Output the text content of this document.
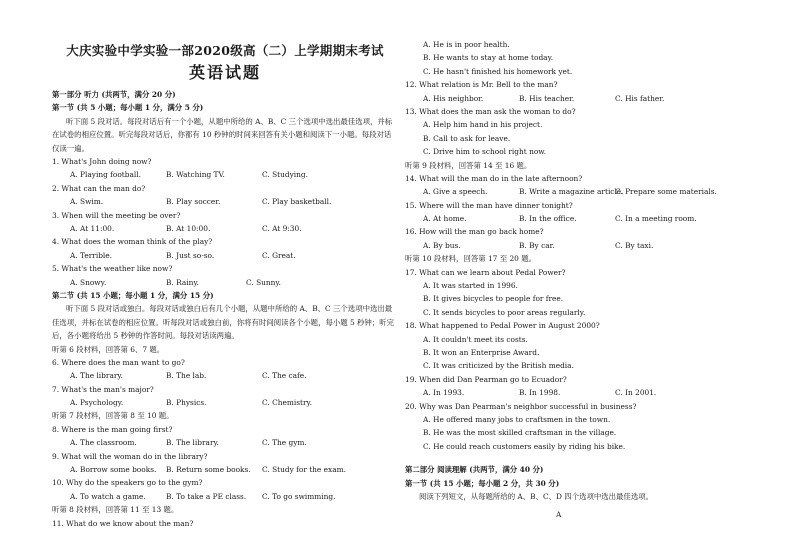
大庆实验中学实验一部2020级高（二）上学期期末考试
英语试题
第一部分 听力 (共两节，满分 20 分)
第一节 (共 5 小题；每小题 1 分，满分 5 分)
听下面 5 段对话。每段对话后有一个小题，从题中所给的 A、B、C 三个选项中选出最佳选项，并标在试卷的相应位置。听完每段对话后，你都有 10 秒钟的时间来回答有关小题和阅读下一小题。每段对话仅读一遍。
1. What's John doing now?
A. Playing football.	B. Watching TV.	C. Studying.
2. What can the man do?
A. Swim.	B. Play soccer.	C. Play basketball.
3. When will the meeting be over?
A. At 11:00.	B. At 10:00.	C. At 9:30.
4. What does the woman think of the play?
A. Terrible.	B. Just so-so.	C. Great.
5. What's the weather like now?
A. Snowy.	B. Rainy.	C. Sunny.
第二节 (共 15 小题；每小题 1 分，满分 15 分)
听下面 5 段对话或独白。每段对话或独白后有几个小题，从题中所给的 A、B、C 三个选项中选出最佳选项，并标在试卷的相应位置。听每段对话或独白前，你将有时间阅读各个小题，每小题 5 秒钟；听完后，各小题将给出 5 秒钟的作答时间。每段对话读两遍。
听第 6 段材料，回答第 6、7 题。
6. Where does the man want to go?
A. The library.	B. The lab.	C. The cafe.
7. What's the man's major?
A. Psychology.	B. Physics.	C. Chemistry.
听第 7 段材料，回答第 8 至 10 题。
8. Where is the man going first?
A. The classroom.	B. The library.	C. The gym.
9. What will the woman do in the library?
A. Borrow some books.	B. Return some books.	C. Study for the exam.
10. Why do the speakers go to the gym?
A. To watch a game.	B. To take a PE class.	C. To go swimming.
听第 8 段材料，回答第 11 至 13 题。
11. What do we know about the man?
A. He is in poor health.
B. He wants to stay at home today.
C. He hasn't finished his homework yet.
12. What relation is Mr. Bell to the man?
A. His neighbor.	B. His teacher.	C. His father.
13. What does the man ask the woman to do?
A. Help him hand in his project.
B. Call to ask for leave.
C. Drive him to school right now.
听第 9 段材料，回答第 14 至 16 题。
14. What will the man do in the late afternoon?
A. Give a speech.	B. Write a magazine article.
C. Prepare some materials.
15. Where will the man have dinner tonight?
A. At home.	B. In the office.	C. In a meeting room.
16. How will the man go back home?
A. By bus.	B. By car.	C. By taxi.
听第 10 段材料，回答第 17 至 20 题。
17. What can we learn about Pedal Power?
A. It was started in 1996.
B. It gives bicycles to people for free.
C. It sends bicycles to poor areas regularly.
18. What happened to Pedal Power in August 2000?
A. It couldn't meet its costs.
B. It won an Enterprise Award.
C. It was criticized by the British media.
19. When did Dan Pearman go to Ecuador?
A. In 1993.	B. In 1998.	C. In 2001.
20. Why was Dan Pearman's neighbor successful in business?
A. He offered many jobs to craftsmen in the town.
B. He was the most skilled craftsman in the village.
C. He could reach customers easily by riding his bike.
第二部分 阅读理解 (共两节，满分 40 分)
第一节 (共 15 小题；每小题 2 分，共 30 分)
阅读下列短文，从每题所给的 A、B、C、D 四个选项中选出最佳选项。
A
